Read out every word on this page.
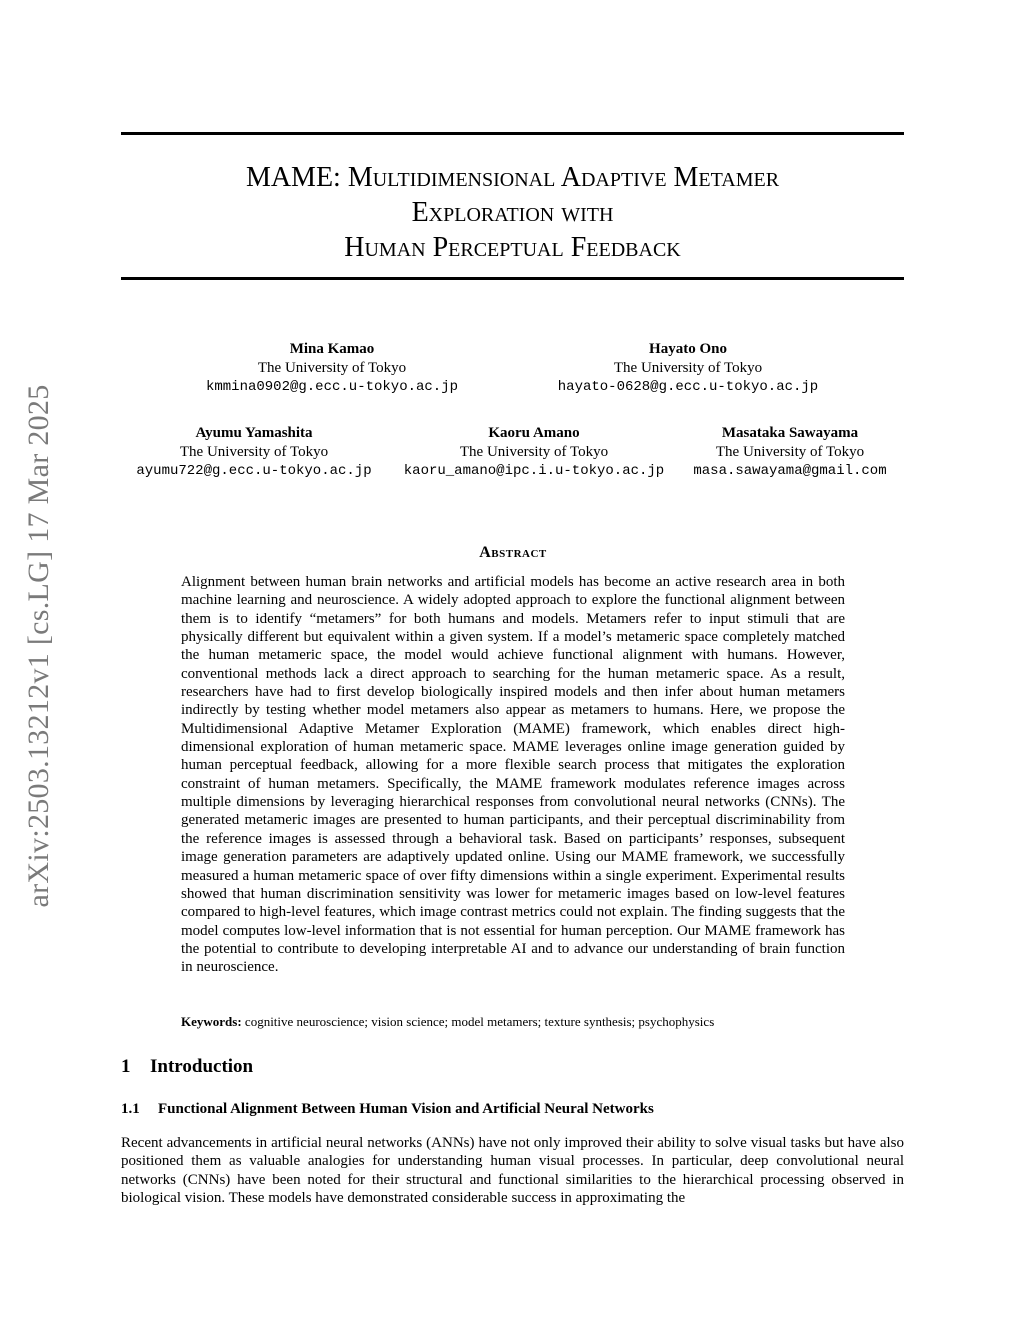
arXiv:2503.13212v1 [cs.LG] 17 Mar 2025
MAME: Multidimensional Adaptive Metamer
Exploration with
Human Perceptual Feedback
Mina Kamao
The University of Tokyo
kmmina0902@g.ecc.u-tokyo.ac.jp
Hayato Ono
The University of Tokyo
hayato-0628@g.ecc.u-tokyo.ac.jp
Ayumu Yamashita
The University of Tokyo
ayumu722@g.ecc.u-tokyo.ac.jp
Kaoru Amano
The University of Tokyo
kaoru_amano@ipc.i.u-tokyo.ac.jp
Masataka Sawayama
The University of Tokyo
masa.sawayama@gmail.com
Abstract

Alignment between human brain networks and artificial models has become an active research area in both machine learning and neuroscience. A widely adopted approach to explore the functional alignment between them is to identify “metamers” for both humans and models. Metamers refer to input stimuli that are physically different but equivalent within a given system. If a model’s metameric space completely matched the human metameric space, the model would achieve functional alignment with humans. However, conventional methods lack a direct approach to searching for the human metameric space. As a result, researchers have had to first develop biologically inspired models and then infer about human metamers indirectly by testing whether model metamers also appear as metamers to humans. Here, we propose the Multidimensional Adaptive Metamer Exploration (MAME) framework, which enables direct high-dimensional exploration of human metameric space. MAME leverages online image generation guided by human perceptual feedback, allowing for a more flexible search process that mitigates the exploration constraint of human metamers. Specifically, the MAME framework modulates reference images across multiple dimensions by leveraging hierarchical responses from convolutional neural networks (CNNs). The generated metameric images are presented to human participants, and their perceptual discriminability from the reference images is assessed through a behavioral task. Based on participants’ responses, subsequent image generation parameters are adaptively updated online. Using our MAME framework, we successfully measured a human metameric space of over fifty dimensions within a single experiment. Experimental results showed that human discrimination sensitivity was lower for metameric images based on low-level features compared to high-level features, which image contrast metrics could not explain. The finding suggests that the model computes low-level information that is not essential for human perception. Our MAME framework has the potential to contribute to developing interpretable AI and to advance our understanding of brain function in neuroscience.

Keywords: cognitive neuroscience; vision science; model metamers; texture synthesis; psychophysics
1 Introduction
1.1 Functional Alignment Between Human Vision and Artificial Neural Networks

Recent advancements in artificial neural networks (ANNs) have not only improved their ability to solve visual tasks but have also positioned them as valuable analogies for understanding human visual processes. In particular, deep convolutional neural networks (CNNs) have been noted for their structural and functional similarities to the hierarchical processing observed in biological vision. These models have demonstrated considerable success in approximating the
